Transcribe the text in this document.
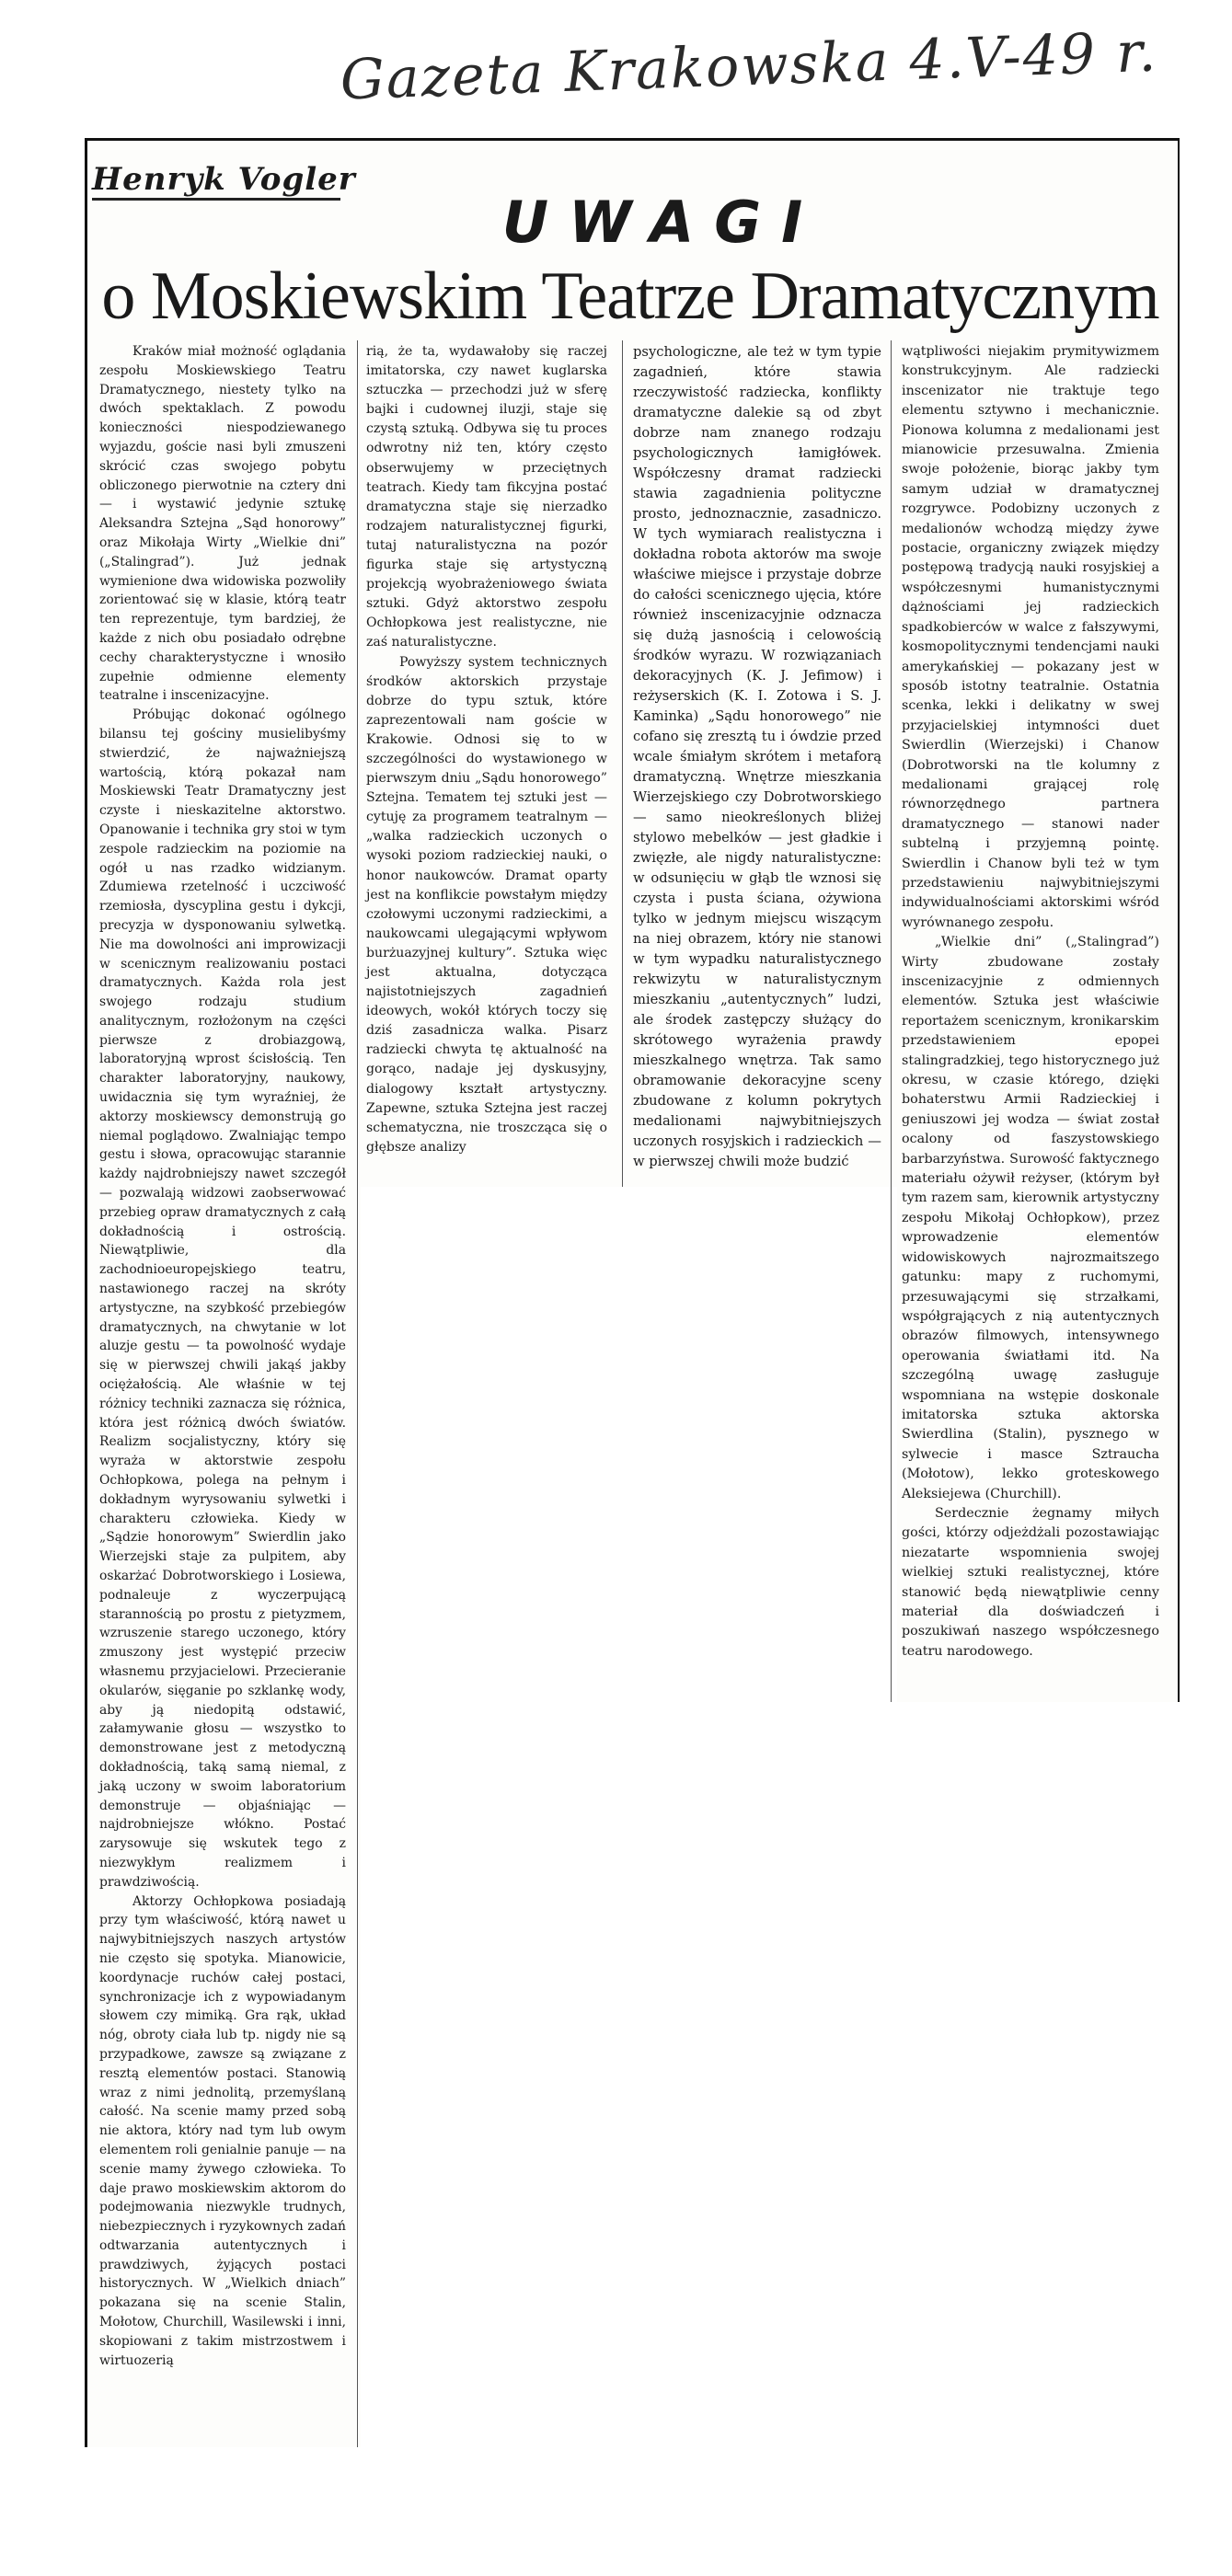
Gazeta Krakowska 4.V-49 r.
Henryk Vogler
UWAGI
o Moskiewskim Teatrze Dramatycznym

Kraków miał możność oglądania zespołu Moskiewskiego Teatru Dramatycznego, niestety tylko na dwóch spektaklach. Z powodu konieczności niespodziewanego wyjazdu, goście nasi byli zmuszeni skrócić czas swojego pobytu obliczonego pierwotnie na cztery dni — i wystawić jedynie sztukę Aleksandra Sztejna „Sąd honorowy” oraz Mikołaja Wirty „Wielkie dni” („Stalingrad”). Już jednak wymienione dwa widowiska pozwoliły zorientować się w klasie, którą teatr ten reprezentuje, tym bardziej, że każde z nich obu posiadało odrębne cechy charakterystyczne i wnosiło zupełnie odmienne elementy teatralne i inscenizacyjne.

Próbując dokonać ogólnego bilansu tej gościny musielibyśmy stwierdzić, że najważniejszą wartością, którą pokazał nam Moskiewski Teatr Dramatyczny jest czyste i nieskazitelne aktorstwo. Opanowanie i technika gry stoi w tym zespole radzieckim na poziomie na ogół u nas rzadko widzianym. Zdumiewa rzetelność i uczciwość rzemiosła, dyscyplina gestu i dykcji, precyzja w dysponowaniu sylwetką. Nie ma dowolności ani improwizacji w scenicznym realizowaniu postaci dramatycznych. Każda rola jest swojego rodzaju studium analitycznym, rozłożonym na części pierwsze z drobiazgową, laboratoryjną wprost ścisłością. Ten charakter laboratoryjny, naukowy, uwidacznia się tym wyraźniej, że aktorzy moskiewscy demonstrują go niemal poglądowo. Zwalniając tempo gestu i słowa, opracowując starannie każdy najdrobniejszy nawet szczegół — pozwalają widzowi zaobserwować przebieg opraw dramatycznych z całą dokładnością i ostrością. Niewątpliwie, dla zachodnioeuropejskiego teatru, nastawionego raczej na skróty artystyczne, na szybkość przebiegów dramatycznych, na chwytanie w lot aluzje gestu — ta powolność wydaje się w pierwszej chwili jakąś jakby ociężałością. Ale właśnie w tej różnicy techniki zaznacza się różnica, która jest różnicą dwóch światów. Realizm socjalistyczny, który się wyraża w aktorstwie zespołu Ochłopkowa, polega na pełnym i dokładnym wyrysowaniu sylwetki i charakteru człowieka. Kiedy w „Sądzie honorowym” Swierdlin jako Wierzejski staje za pulpitem, aby oskarżać Dobrotworskiego i Losiewa, podnaleuje z wyczerpującą starannością po prostu z pietyzmem, wzruszenie starego uczonego, który zmuszony jest występić przeciw własnemu przyjacielowi. Przecieranie okularów, sięganie po szklankę wody, aby ją niedopitą odstawić, załamywanie głosu — wszystko to demonstrowane jest z metodyczną dokładnością, taką samą niemal, z jaką uczony w swoim laboratorium demonstruje — objaśniając — najdrobniejsze włókno. Postać zarysowuje się wskutek tego z niezwykłym realizmem i prawdziwością.

Aktorzy Ochłopkowa posiadają przy tym właściwość, którą nawet u najwybitniejszych naszych artystów nie często się spotyka. Mianowicie, koordynacje ruchów całej postaci, synchronizacje ich z wypowiadanym słowem czy mimiką. Gra rąk, układ nóg, obroty ciała lub tp. nigdy nie są przypadkowe, zawsze są związane z resztą elementów postaci. Stanowią wraz z nimi jednolitą, przemyślaną całość. Na scenie mamy przed sobą nie aktora, który nad tym lub owym elementem roli genialnie panuje — na scenie mamy żywego człowieka. To daje prawo moskiewskim aktorom do podejmowania niezwykle trudnych, niebezpiecznych i ryzykownych zadań odtwarzania autentycznych i prawdziwych, żyjących postaci historycznych. W „Wielkich dniach” pokazana się na scenie Stalin, Mołotow, Churchill, Wasilewski i inni, skopiowani z takim mistrzostwem i wirtuozerią

rią, że ta, wydawałoby się raczej imitatorska, czy nawet kuglarska sztuczka — przechodzi już w sferę bajki i cudownej iluzji, staje się czystą sztuką. Odbywa się tu proces odwrotny niż ten, który często obserwujemy w przeciętnych teatrach. Kiedy tam fikcyjna postać dramatyczna staje się nierzadko rodzajem naturalistycznej figurki, tutaj naturalistyczna na pozór figurka staje się artystyczną projekcją wyobrażeniowego świata sztuki. Gdyż aktorstwo zespołu Ochłopkowa jest realistyczne, nie zaś naturalistyczne.

Powyższy system technicznych środków aktorskich przystaje dobrze do typu sztuk, które zaprezentowali nam goście w Krakowie. Odnosi się to w szczególności do wystawionego w pierwszym dniu „Sądu honorowego” Sztejna. Tematem tej sztuki jest — cytuję za programem teatralnym — „walka radzieckich uczonych o wysoki poziom radzieckiej nauki, o honor naukowców. Dramat oparty jest na konflikcie powstałym między czołowymi uczonymi radzieckimi, a naukowcami ulegającymi wpływom burżuazyjnej kultury”. Sztuka więc jest aktualna, dotycząca najistotniejszych zagadnień ideowych, wokół których toczy się dziś zasadnicza walka. Pisarz radziecki chwyta tę aktualność na gorąco, nadaje jej dyskusyjny, dialogowy kształt artystyczny. Zapewne, sztuka Sztejna jest raczej schematyczna, nie troszcząca się o głębsze analizy

psychologiczne, ale też w tym typie zagadnień, które stawia rzeczywistość radziecka, konflikty dramatyczne dalekie są od zbyt dobrze nam znanego rodzaju psychologicznych łamigłówek. Współczesny dramat radziecki stawia zagadnienia polityczne prosto, jednoznacznie, zasadniczo. W tych wymiarach realistyczna i dokładna robota aktorów ma swoje właściwe miejsce i przystaje dobrze do całości scenicznego ujęcia, które również inscenizacyjnie odznacza się dużą jasnością i celowością środków wyrazu. W rozwiązaniach dekoracyjnych (K. J. Jefimow) i reżyserskich (K. I. Zotowa i S. J. Kaminka) „Sądu honorowego” nie cofano się zresztą tu i ówdzie przed wcale śmiałym skrótem i metaforą dramatyczną. Wnętrze mieszkania Wierzejskiego czy Dobrotworskiego — samo nieokreślonych bliżej stylowo mebelków — jest gładkie i zwięzłe, ale nigdy naturalistyczne: w odsunięciu w głąb tle wznosi się czysta i pusta ściana, ożywiona tylko w jednym miejscu wiszącym na niej obrazem, który nie stanowi w tym wypadku naturalistycznego rekwizytu w naturalistycznym mieszkaniu „autentycznych” ludzi, ale środek zastępczy służący do skrótowego wyrażenia prawdy mieszkalnego wnętrza. Tak samo obramowanie dekoracyjne sceny zbudowane z kolumn pokrytych medalionami najwybitniejszych uczonych rosyjskich i radzieckich — w pierwszej chwili może budzić

wątpliwości niejakim prymitywizmem konstrukcyjnym. Ale radziecki inscenizator nie traktuje tego elementu sztywno i mechanicznie. Pionowa kolumna z medalionami jest mianowicie przesuwalna. Zmienia swoje położenie, biorąc jakby tym samym udział w dramatycznej rozgrywce. Podobizny uczonych z medalionów wchodzą między żywe postacie, organiczny związek między postępową tradycją nauki rosyjskiej a współczesnymi humanistycznymi dążnościami jej radzieckich spadkobierców w walce z fałszywymi, kosmopolitycznymi tendencjami nauki amerykańskiej — pokazany jest w sposób istotny teatralnie. Ostatnia scenka, lekki i delikatny w swej przyjacielskiej intymności duet Swierdlin (Wierzejski) i Chanow (Dobrotworski na tle kolumny z medalionami grającej rolę równorzędnego partnera dramatycznego — stanowi nader subtelną i przyjemną pointę. Swierdlin i Chanow byli też w tym przedstawieniu najwybitniejszymi indywidualnościami aktorskimi wśród wyrównanego zespołu.

„Wielkie dni” („Stalingrad”) Wirty zbudowane zostały inscenizacyjnie z odmiennych elementów. Sztuka jest właściwie reportażem scenicznym, kronikarskim przedstawieniem epopei stalingradzkiej, tego historycznego już okresu, w czasie którego, dzięki bohaterstwu Armii Radzieckiej i geniuszowi jej wodza — świat został ocalony od faszystowskiego barbarzyństwa. Surowość faktycznego materiału ożywił reżyser, (którym był tym razem sam, kierownik artystyczny zespołu Mikołaj Ochłopkow), przez wprowadzenie elementów widowiskowych najrozmaitszego gatunku: mapy z ruchomymi, przesuwającymi się strzałkami, współgrających z nią autentycznych obrazów filmowych, intensywnego operowania światłami itd. Na szczególną uwagę zasługuje wspomniana na wstępie doskonale imitatorska sztuka aktorska Swierdlina (Stalin), pysznego w sylwecie i masce Sztraucha (Mołotow), lekko groteskowego Aleksiejewa (Churchill).

Serdecznie żegnamy miłych gości, którzy odjeżdżali pozostawiając niezatarte wspomnienia swojej wielkiej sztuki realistycznej, które stanowić będą niewątpliwie cenny materiał dla doświadczeń i poszukiwań naszego współczesnego teatru narodowego.
